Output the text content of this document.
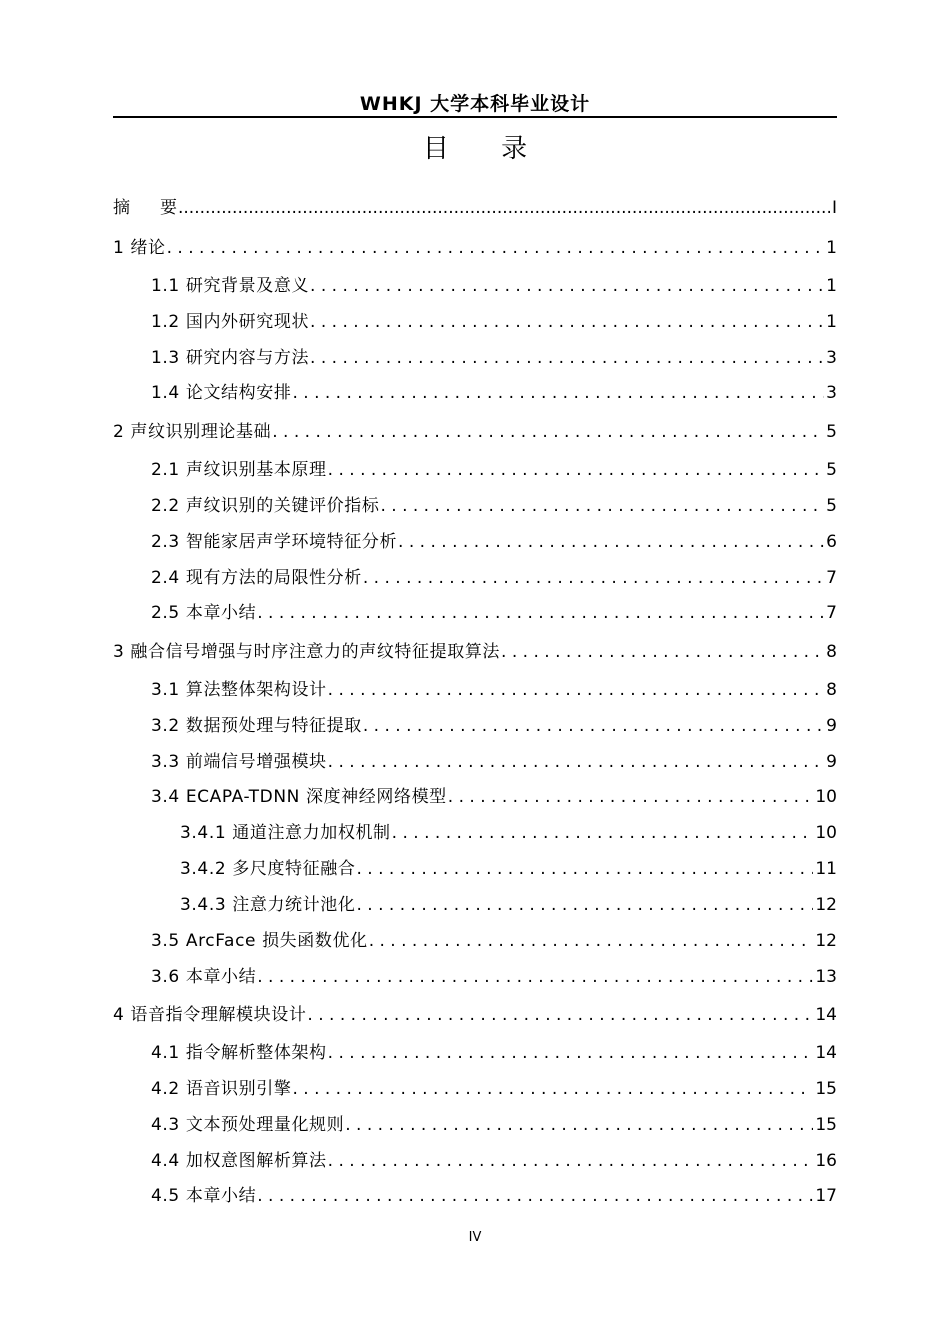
WHKJ 大学本科毕业设计
目 录
摘 要 .....	I
1 绪论 . . .	1
1.1 研究背景及意义 . . .	1
1.2 国内外研究现状 . . .	1
1.3 研究内容与方法 . . .	3
1.4 论文结构安排 . . .	3
2 声纹识别理论基础 . . .	5
2.1 声纹识别基本原理 . . .	5
2.2 声纹识别的关键评价指标 . . .	5
2.3 智能家居声学环境特征分析 . . .	6
2.4 现有方法的局限性分析 . . .	7
2.5 本章小结 . . .	7
3 融合信号增强与时序注意力的声纹特征提取算法 . . .	8
3.1 算法整体架构设计 . . .	8
3.2 数据预处理与特征提取 . . .	9
3.3 前端信号增强模块 . . .	9
3.4 ECAPA-TDNN 深度神经网络模型 . . .	10
3.4.1 通道注意力加权机制 . . .	10
3.4.2 多尺度特征融合 . . .	11
3.4.3 注意力统计池化 . . .	12
3.5 ArcFace 损失函数优化 . . .	12
3.6 本章小结 . . .	13
4 语音指令理解模块设计 . . .	14
4.1 指令解析整体架构 . . .	14
4.2 语音识别引擎 . . .	15
4.3 文本预处理量化规则 . . .	15
4.4 加权意图解析算法 . . .	16
4.5 本章小结 . . .	17
IV
